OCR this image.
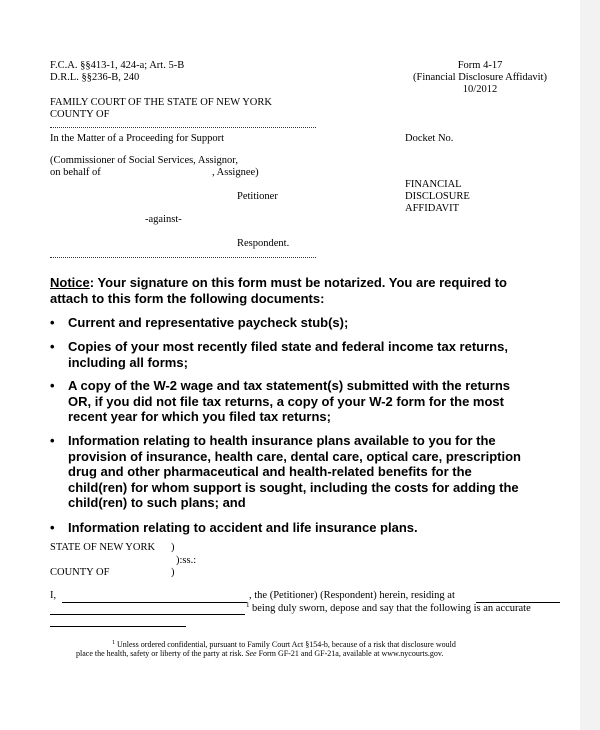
F.C.A. §§413-1, 424-a; Art. 5-B
D.R.L. §§236-B, 240
Form 4-17
(Financial Disclosure Affidavit)
10/2012
FAMILY COURT OF THE STATE OF NEW YORK
COUNTY OF
In the Matter of a Proceeding for Support	Docket No.
(Commissioner of Social Services, Assignor,
on behalf of	, Assignee)
FINANCIAL
DISCLOSURE
AFFIDAVIT
Petitioner
-against-
Respondent.
Notice: Your signature on this form must be notarized. You are required to
attach to this form the following documents:
• Current and representative paycheck stub(s);
• Copies of your most recently filed state and federal income tax returns,
including all forms;
• A copy of the W-2 wage and tax statement(s) submitted with the returns
OR, if you did not file tax returns, a copy of your W-2 form for the most
recent year for which you filed tax returns;
• Information relating to health insurance plans available to you for the
provision of insurance, health care, dental care, optical care, prescription
drug and other pharmaceutical and health-related benefits for the
child(ren) for whom support is sought, including the costs for adding the
child(ren) to such plans; and
• Information relating to accident and life insurance plans.
STATE OF NEW YORK )
):ss.:
COUNTY OF	)
I,	, the (Petitioner) (Respondent) herein, residing at
1 being duly sworn, depose and say that the following is an accurate
$^1$ Unless ordered confidential, pursuant to Family Court Act §154-b, because of a risk that disclosure would
place the health, safety or liberty of the party at risk. See Form GF-21 and GF-21a, available at www.nycourts.gov.
